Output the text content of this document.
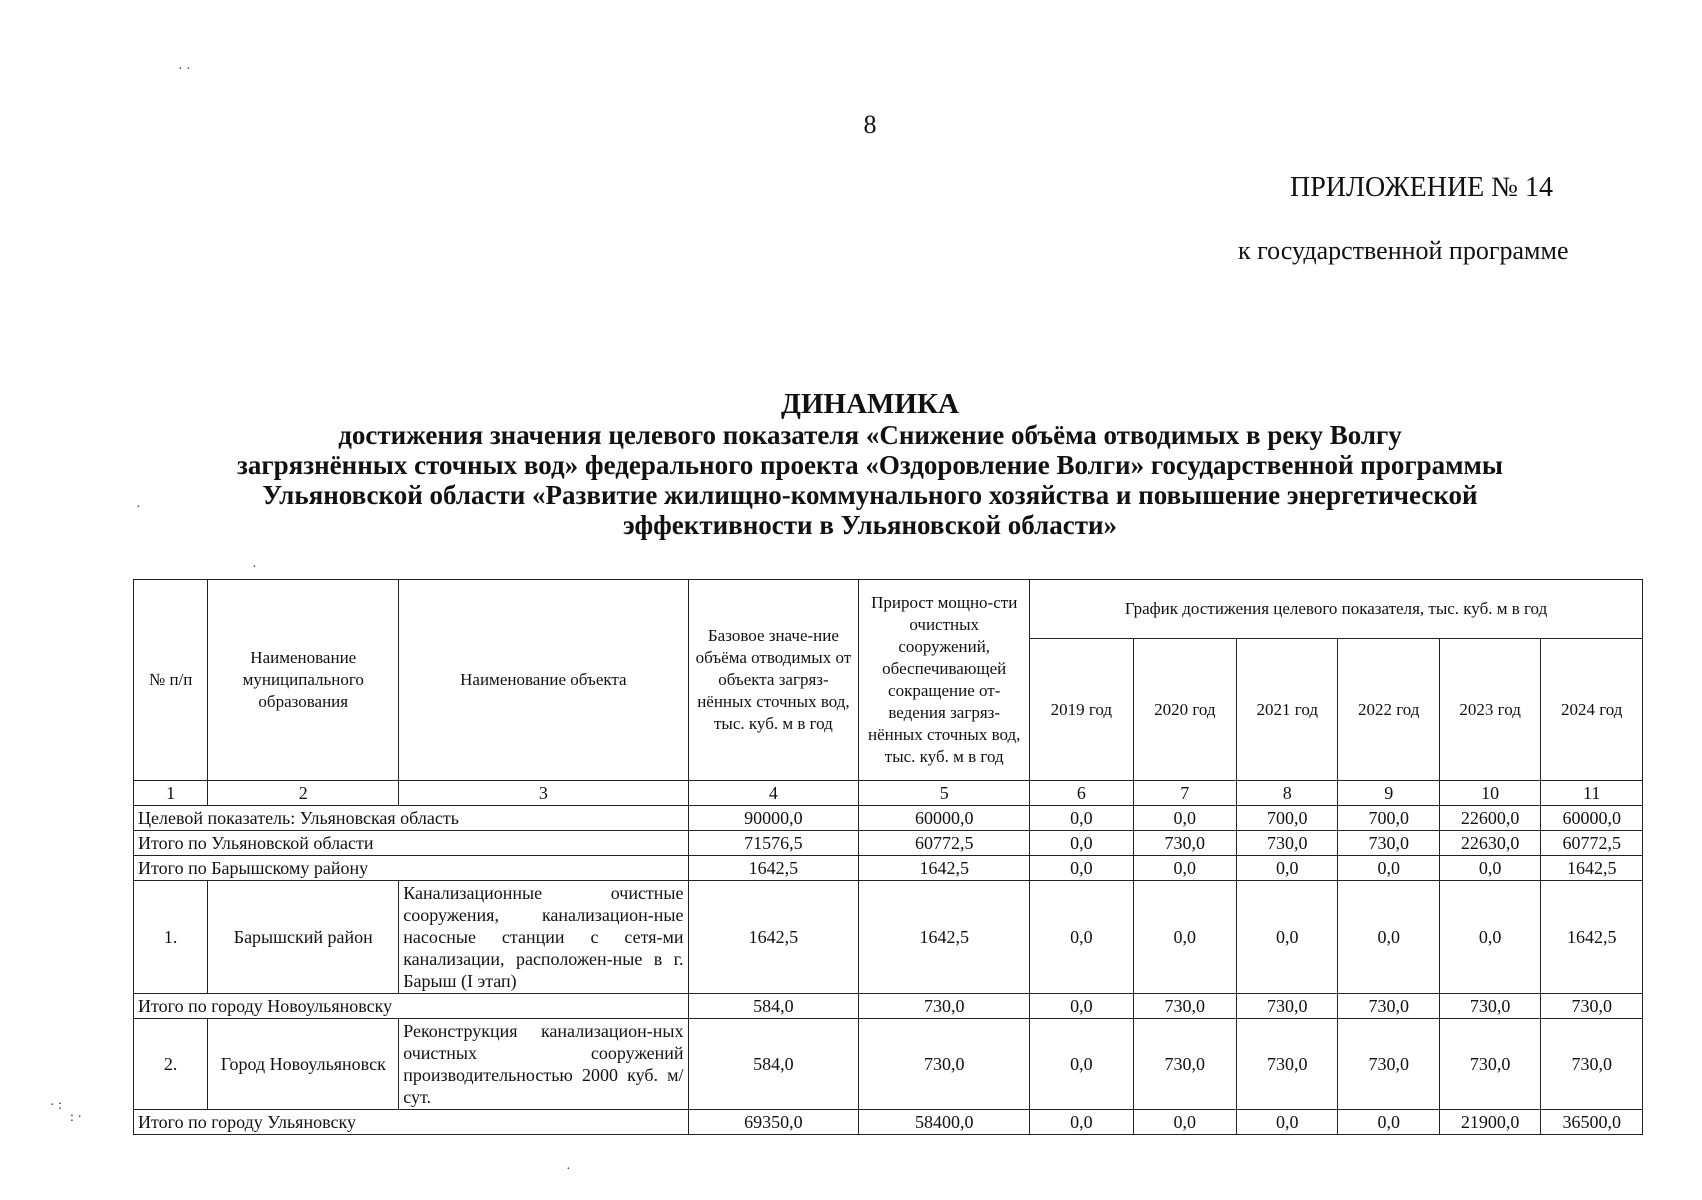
8
ПРИЛОЖЕНИЕ № 14
к государственной программе
ДИНАМИКА
достижения значения целевого показателя «Снижение объёма отводимых в реку Волгу
загрязнённых сточных вод» федерального проекта «Оздоровление Волги» государственной программы
Ульяновской области «Развитие жилищно-коммунального хозяйства и повышение энергетической
эффективности в Ульяновской области»
№ п/п	Наименование муниципального образования	Наименование объекта	Базовое значе-ние объёма отводимых от объекта загряз-нённых сточных вод, тыс. куб. м в год	Прирост мощно-сти очистных сооружений, обеспечивающей сокращение от-ведения загряз-нённых сточных вод, тыс. куб. м в год	График достижения целевого показателя, тыс. куб. м в год					
					2019 год	2020 год	2021 год	2022 год	2023 год	2024 год
1	2	3	4	5	6	7	8	9	10	11
Целевой показатель: Ульяновская область			90000,0	60000,0	0,0	0,0	700,0	700,0	22600,0	60000,0
Итого по Ульяновской области			71576,5	60772,5	0,0	730,0	730,0	730,0	22630,0	60772,5
Итого по Барышскому району			1642,5	1642,5	0,0	0,0	0,0	0,0	0,0	1642,5
1.	Барышский район	Канализационные очистные сооружения, канализацион-ные насосные станции с сетя-ми канализации, расположен-ные в г. Барыш (I этап)	1642,5	1642,5	0,0	0,0	0,0	0,0	0,0	1642,5
Итого по городу Новоульяновску			584,0	730,0	0,0	730,0	730,0	730,0	730,0	730,0
2.	Город Новоульяновск	Реконструкция канализацион-ных очистных сооружений производительностью 2000 куб. м/сут.	584,0	730,0	0,0	730,0	730,0	730,0	730,0	730,0
Итого по городу Ульяновску			69350,0	58400,0	0,0	0,0	0,0	0,0	21900,0	36500,0
· ·
·
·
· :
: ·
·
